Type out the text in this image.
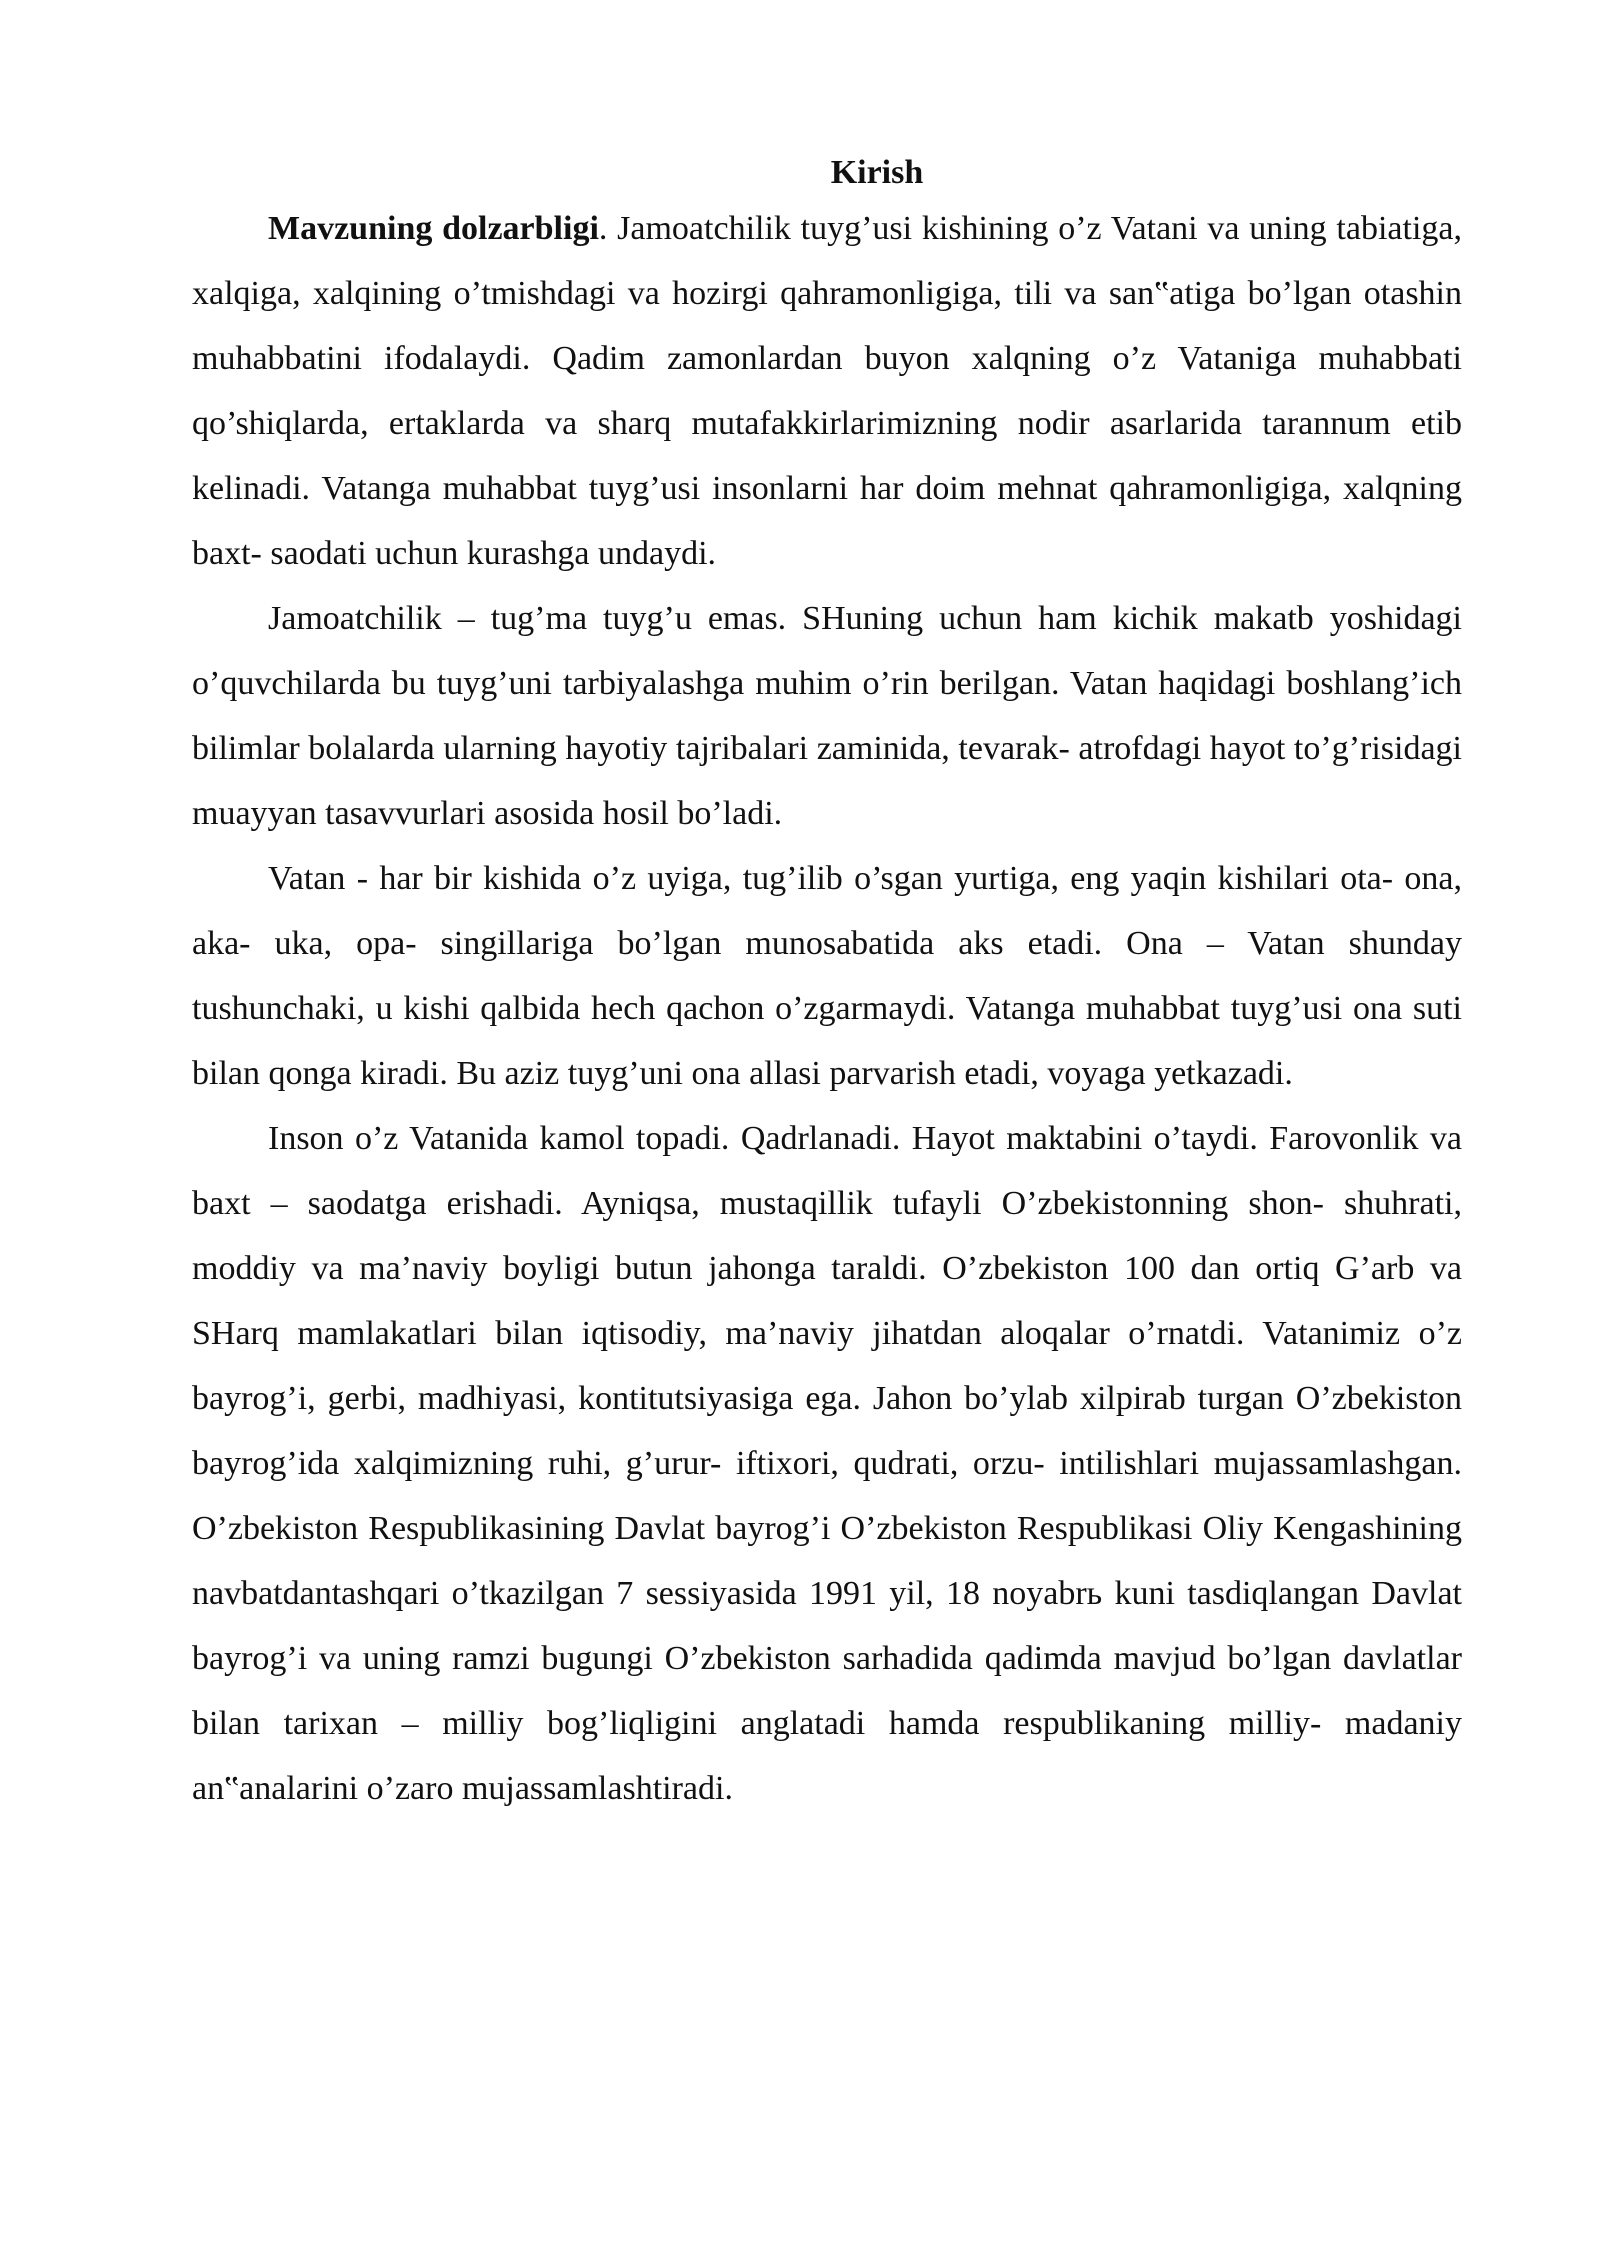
Kirish

Mavzuning dolzarbligi. Jamoatchilik tuyg’usi kishining o’z Vatani va uning tabiatiga, xalqiga, xalqining o’tmishdagi va hozirgi qahramonligiga, tili va san‟atiga bo’lgan otashin muhabbatini ifodalaydi. Qadim zamonlardan buyon xalqning o’z Vataniga muhabbati qo’shiqlarda, ertaklarda va sharq mutafakkirlarimizning nodir asarlarida tarannum etib kelinadi. Vatanga muhabbat tuyg’usi insonlarni har doim mehnat qahramonligiga, xalqning baxt- saodati uchun kurashga undaydi.

Jamoatchilik – tug’ma tuyg’u emas. SHuning uchun ham kichik makatb yoshidagi o’quvchilarda bu tuyg’uni tarbiyalashga muhim o’rin berilgan. Vatan haqidagi boshlang’ich bilimlar bolalarda ularning hayotiy tajribalari zaminida, tevarak- atrofdagi hayot to’g’risidagi muayyan tasavvurlari asosida hosil bo’ladi.

Vatan - har bir kishida o’z uyiga, tug’ilib o’sgan yurtiga, eng yaqin kishilari ota- ona, aka- uka, opa- singillariga bo’lgan munosabatida aks etadi. Ona – Vatan shunday tushunchaki, u kishi qalbida hech qachon o’zgarmaydi. Vatanga muhabbat tuyg’usi ona suti bilan qonga kiradi. Bu aziz tuyg’uni ona allasi parvarish etadi, voyaga yetkazadi.

Inson o’z Vatanida kamol topadi. Qadrlanadi. Hayot maktabini o’taydi. Farovonlik va baxt – saodatga erishadi. Ayniqsa, mustaqillik tufayli O’zbekistonning shon- shuhrati, moddiy va ma’naviy boyligi butun jahonga taraldi. O’zbekiston 100 dan ortiq G’arb va SHarq mamlakatlari bilan iqtisodiy, ma’naviy jihatdan aloqalar o’rnatdi. Vatanimiz o’z bayrog’i, gerbi, madhiyasi, kontitutsiyasiga ega. Jahon bo’ylab xilpirab turgan O’zbekiston bayrog’ida xalqimizning ruhi, g’urur- iftixori, qudrati, orzu- intilishlari mujassamlashgan. O’zbekiston Respublikasining Davlat bayrog’i O’zbekiston Respublikasi Oliy Kengashining navbatdantashqari o’tkazilgan 7 sessiyasida 1991 yil, 18 noyabrь kuni tasdiqlangan Davlat bayrog’i va uning ramzi bugungi O’zbekiston sarhadida qadimda mavjud bo’lgan davlatlar bilan tarixan – milliy bog’liqligini anglatadi hamda respublikaning milliy- madaniy an‟analarini o’zaro mujassamlashtiradi.
